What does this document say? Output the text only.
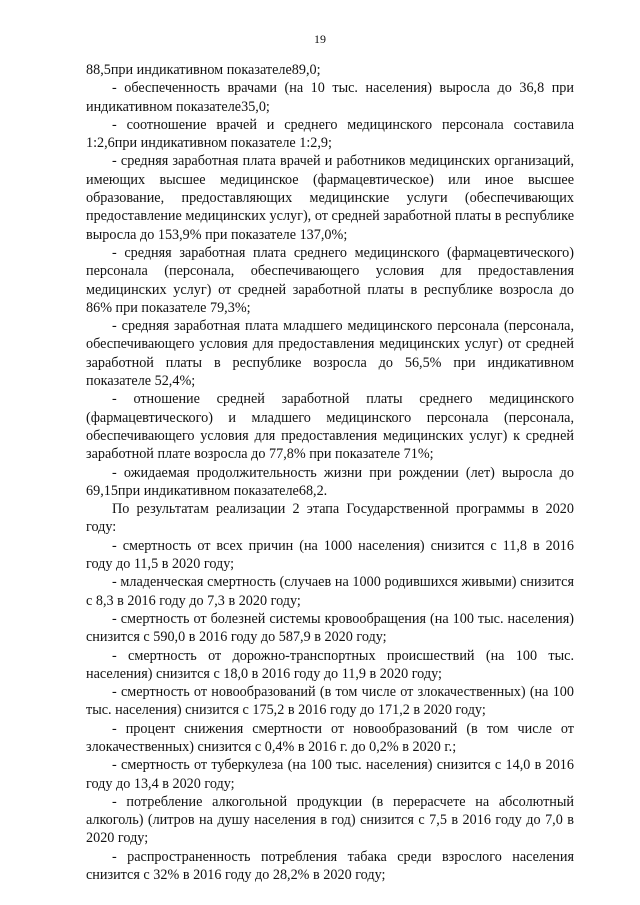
19

88,5при индикативном показателе89,0;

- обеспеченность врачами (на 10 тыс. населения) выросла до 36,8 при индикативном показателе35,0;

- соотношение врачей и среднего медицинского персонала составила 1:2,6при индикативном показателе 1:2,9;

- средняя заработная плата врачей и работников медицинских организаций, имеющих высшее медицинское (фармацевтическое) или иное высшее образование, предоставляющих медицинские услуги (обеспечивающих предоставление медицинских услуг), от средней заработной платы в республике выросла до 153,9% при показателе 137,0%;

- средняя заработная плата среднего медицинского (фармацевтического) персонала (персонала, обеспечивающего условия для предоставления медицинских услуг) от средней заработной платы в республике возросла до 86% при показателе 79,3%;

- средняя заработная плата младшего медицинского персонала (персонала, обеспечивающего условия для предоставления медицинских услуг) от средней заработной платы в республике возросла до 56,5% при индикативном показателе 52,4%;

- отношение средней заработной платы среднего медицинского (фармацевтического) и младшего медицинского персонала (персонала, обеспечивающего условия для предоставления медицинских услуг) к средней заработной плате возросла до 77,8% при показателе 71%;

- ожидаемая продолжительность жизни при рождении (лет) выросла до 69,15при индикативном показателе68,2.

По результатам реализации 2 этапа Государственной программы в 2020 году:

- смертность от всех причин (на 1000 населения) снизится с 11,8 в 2016 году до 11,5 в 2020 году;

- младенческая смертность (случаев на 1000 родившихся живыми) снизится с 8,3 в 2016 году до 7,3 в 2020 году;

- смертность от болезней системы кровообращения (на 100 тыс. населения) снизится с 590,0 в 2016 году до 587,9 в 2020 году;

- смертность от дорожно-транспортных происшествий (на 100 тыс. населения) снизится с 18,0 в 2016 году до 11,9 в 2020 году;

- смертность от новообразований (в том числе от злокачественных) (на 100 тыс. населения) снизится с 175,2 в 2016 году до 171,2 в 2020 году;

- процент снижения смертности от новообразований (в том числе от злокачественных) снизится с 0,4% в 2016 г. до 0,2% в 2020 г.;

- смертность от туберкулеза (на 100 тыс. населения) снизится с 14,0 в 2016 году до 13,4 в 2020 году;

- потребление алкогольной продукции (в перерасчете на абсолютный алкоголь) (литров на душу населения в год) снизится с 7,5 в 2016 году до 7,0 в 2020 году;

- распространенность потребления табака среди взрослого населения снизится с 32% в 2016 году до 28,2% в 2020 году;
